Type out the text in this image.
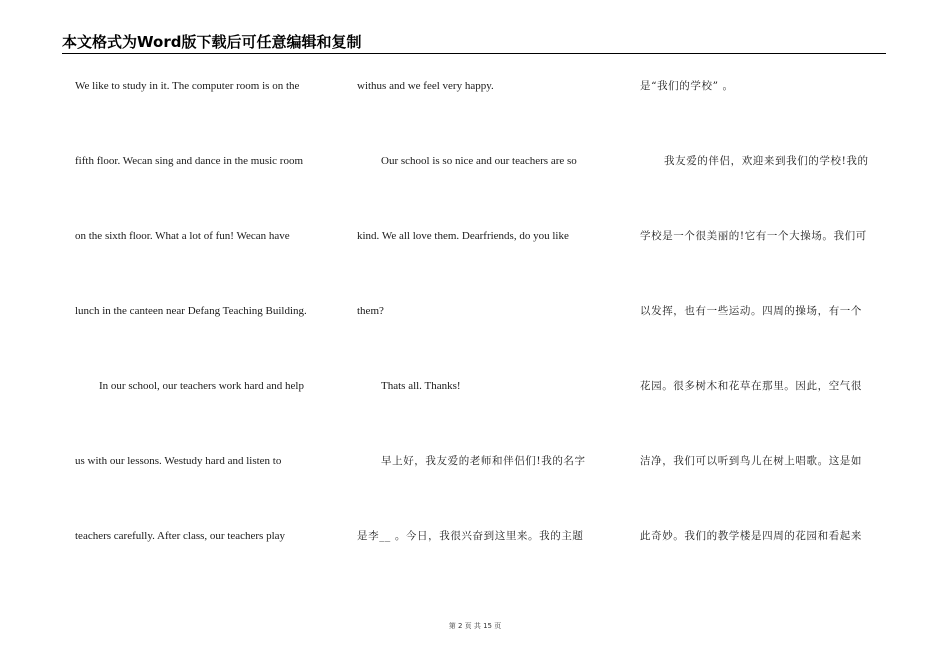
本文格式为Word版下载后可任意编辑和复制
We like to study in it. The computer room is on the
fifth floor. Wecan sing and dance in the music room
on the sixth floor. What a lot of fun! Wecan have
lunch in the canteen near Defang Teaching Building.
In our school, our teachers work hard and help
us with our lessons. Westudy hard and listen to
teachers carefully. After class, our teachers play
withus and we feel very happy.
Our school is so nice and our teachers are so
kind. We all love them. Dearfriends, do you like
them?
Thats all. Thanks!
早上好，我友爱的老师和伴侣们!我的名字
是李__ 。今日，我很兴奋到这里来。我的主题
是“我们的学校” 。
我友爱的伴侣，欢迎来到我们的学校!我的
学校是一个很美丽的!它有一个大操场。我们可
以发挥，也有一些运动。四周的操场，有一个
花园。很多树木和花草在那里。因此，空气很
洁净，我们可以听到鸟儿在树上唱歌。这是如
此奇妙。我们的教学楼是四周的花园和看起来
第 2 页 共 15 页
